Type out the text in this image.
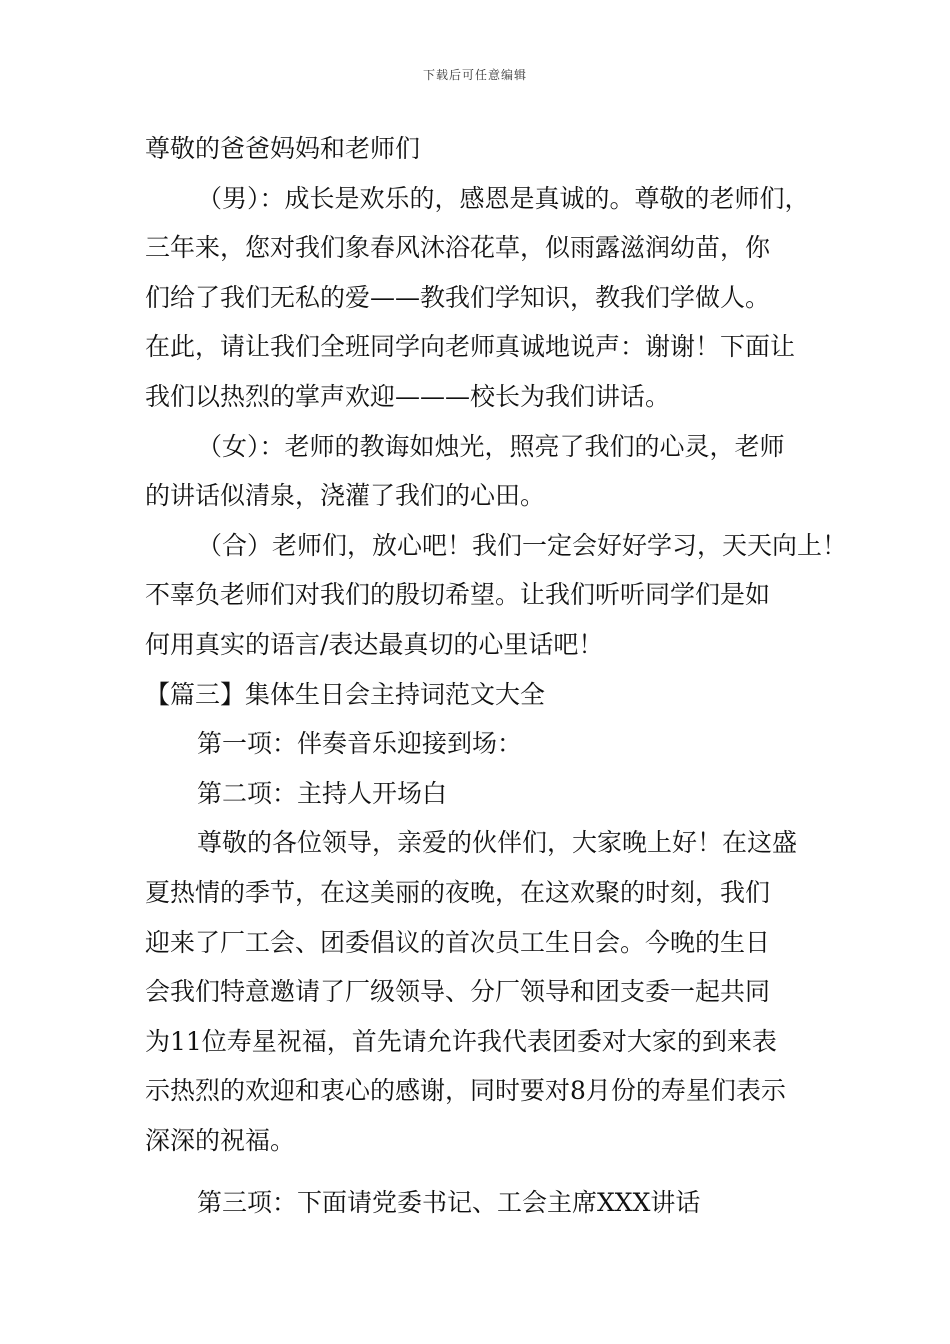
下载后可任意编辑
尊敬的爸爸妈妈和老师们
（男）：成长是欢乐的，感恩是真诚的。尊敬的老师们，
三年来，您对我们象春风沐浴花草，似雨露滋润幼苗，你
们给了我们无私的爱——教我们学知识，教我们学做人。
在此，请让我们全班同学向老师真诚地说声：谢谢！下面让
我们以热烈的掌声欢迎———校长为我们讲话。
（女）：老师的教诲如烛光，照亮了我们的心灵，老师
的讲话似清泉，浇灌了我们的心田。
（合）老师们，放心吧！我们一定会好好学习，天天向上！
不辜负老师们对我们的殷切希望。让我们听听同学们是如
何用真实的语言/表达最真切的心里话吧！
【篇三】集体生日会主持词范文大全
第一项：伴奏音乐迎接到场：
第二项：主持人开场白
尊敬的各位领导，亲爱的伙伴们，大家晚上好！在这盛
夏热情的季节，在这美丽的夜晚，在这欢聚的时刻，我们
迎来了厂工会、团委倡议的首次员工生日会。今晚的生日
会我们特意邀请了厂级领导、分厂领导和团支委一起共同
为11位寿星祝福，首先请允许我代表团委对大家的到来表
示热烈的欢迎和衷心的感谢，同时要对8月份的寿星们表示
深深的祝福。
第三项：下面请党委书记、工会主席XXX讲话
